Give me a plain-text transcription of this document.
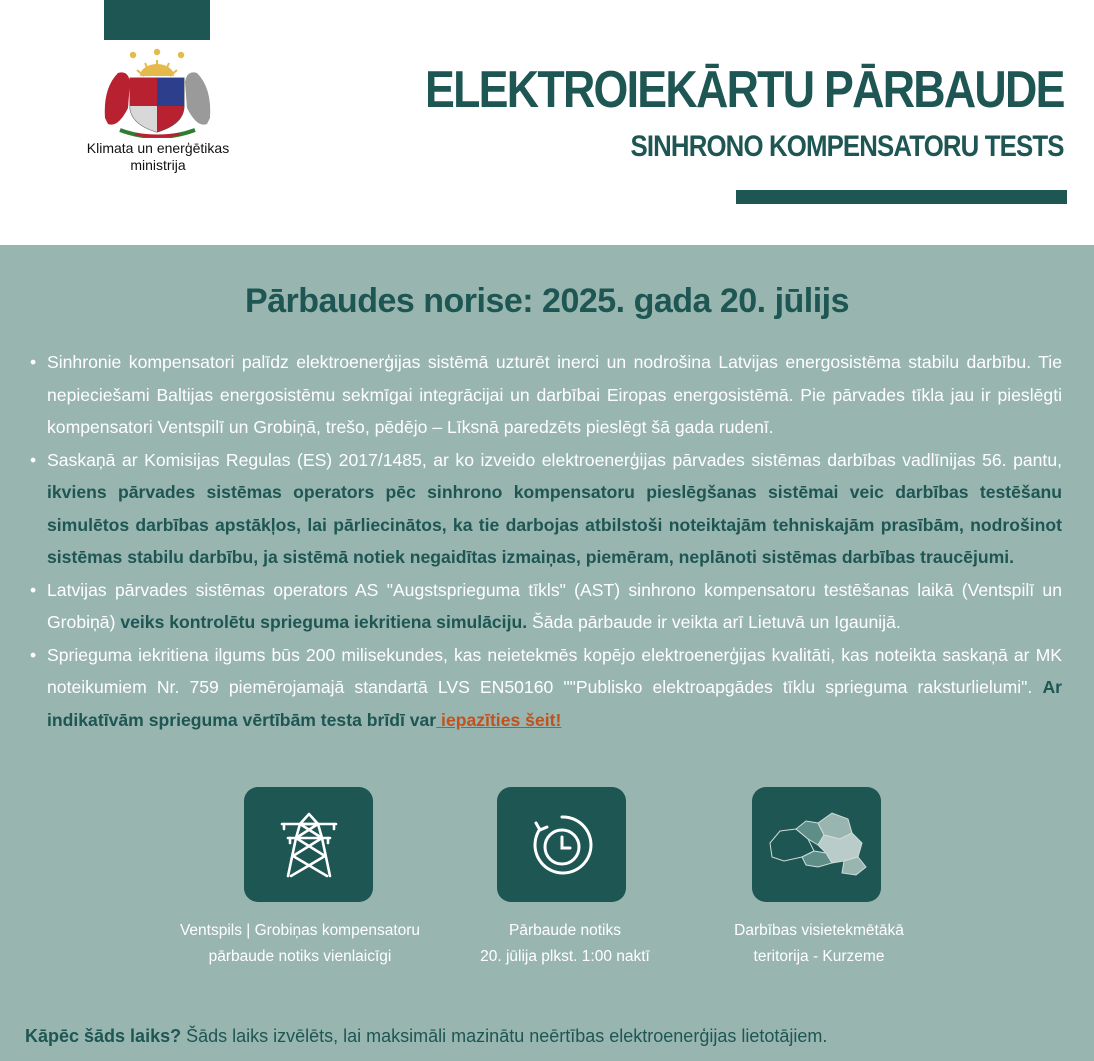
Klimata un enerģētikas ministrija
ELEKTROIEKĀRTU PĀRBAUDE
SINHRONO KOMPENSATORU TESTS
Pārbaudes norise: 2025. gada 20. jūlijs
• Sinhronie kompensatori palīdz elektroenerģijas sistēmā uzturēt inerci un nodrošina Latvijas energosistēma stabilu darbību. Tie nepieciešami Baltijas energosistēmu sekmīgai integrācijai un darbībai Eiropas energosistēmā. Pie pārvades tīkla jau ir pieslēgti kompensatori Ventspilī un Grobiņā, trešo, pēdējo – Līksnā paredzēts pieslēgt šā gada rudenī.
• Saskaņā ar Komisijas Regulas (ES) 2017/1485, ar ko izveido elektroenerģijas pārvades sistēmas darbības vadlīnijas 56. pantu, ikviens pārvades sistēmas operators pēc sinhrono kompensatoru pieslēgšanas sistēmai veic darbības testēšanu simulētos darbības apstākļos, lai pārliecinātos, ka tie darbojas atbilstoši noteiktajām tehniskajām prasībām, nodrošinot sistēmas stabilu darbību, ja sistēmā notiek negaidītas izmaiņas, piemēram, neplānoti sistēmas darbības traucējumi.
• Latvijas pārvades sistēmas operators AS "Augstsprieguma tīkls" (AST) sinhrono kompensatoru testēšanas laikā (Ventspilī un Grobiņā) veiks kontrolētu sprieguma iekritiena simulāciju. Šāda pārbaude ir veikta arī Lietuvā un Igaunijā.
• Sprieguma iekritiena ilgums būs 200 milisekundes, kas neietekmēs kopējo elektroenerģijas kvalitāti, kas noteikta saskaņā ar MK noteikumiem Nr. 759 piemērojamajā standartā LVS EN50160 ""Publisko elektroapgādes tīklu sprieguma raksturlielumi". Ar indikatīvām sprieguma vērtībām testa brīdī var iepazīties šeit!
Ventspils | Grobiņas kompensatoru
pārbaude notiks vienlaicīgi
Pārbaude notiks
20. jūlija plkst. 1:00 naktī
Darbības visietekmētākā
teritorija - Kurzeme
Kāpēc šāds laiks? Šāds laiks izvēlēts, lai maksimāli mazinātu neērtības elektroenerģijas lietotājiem.
